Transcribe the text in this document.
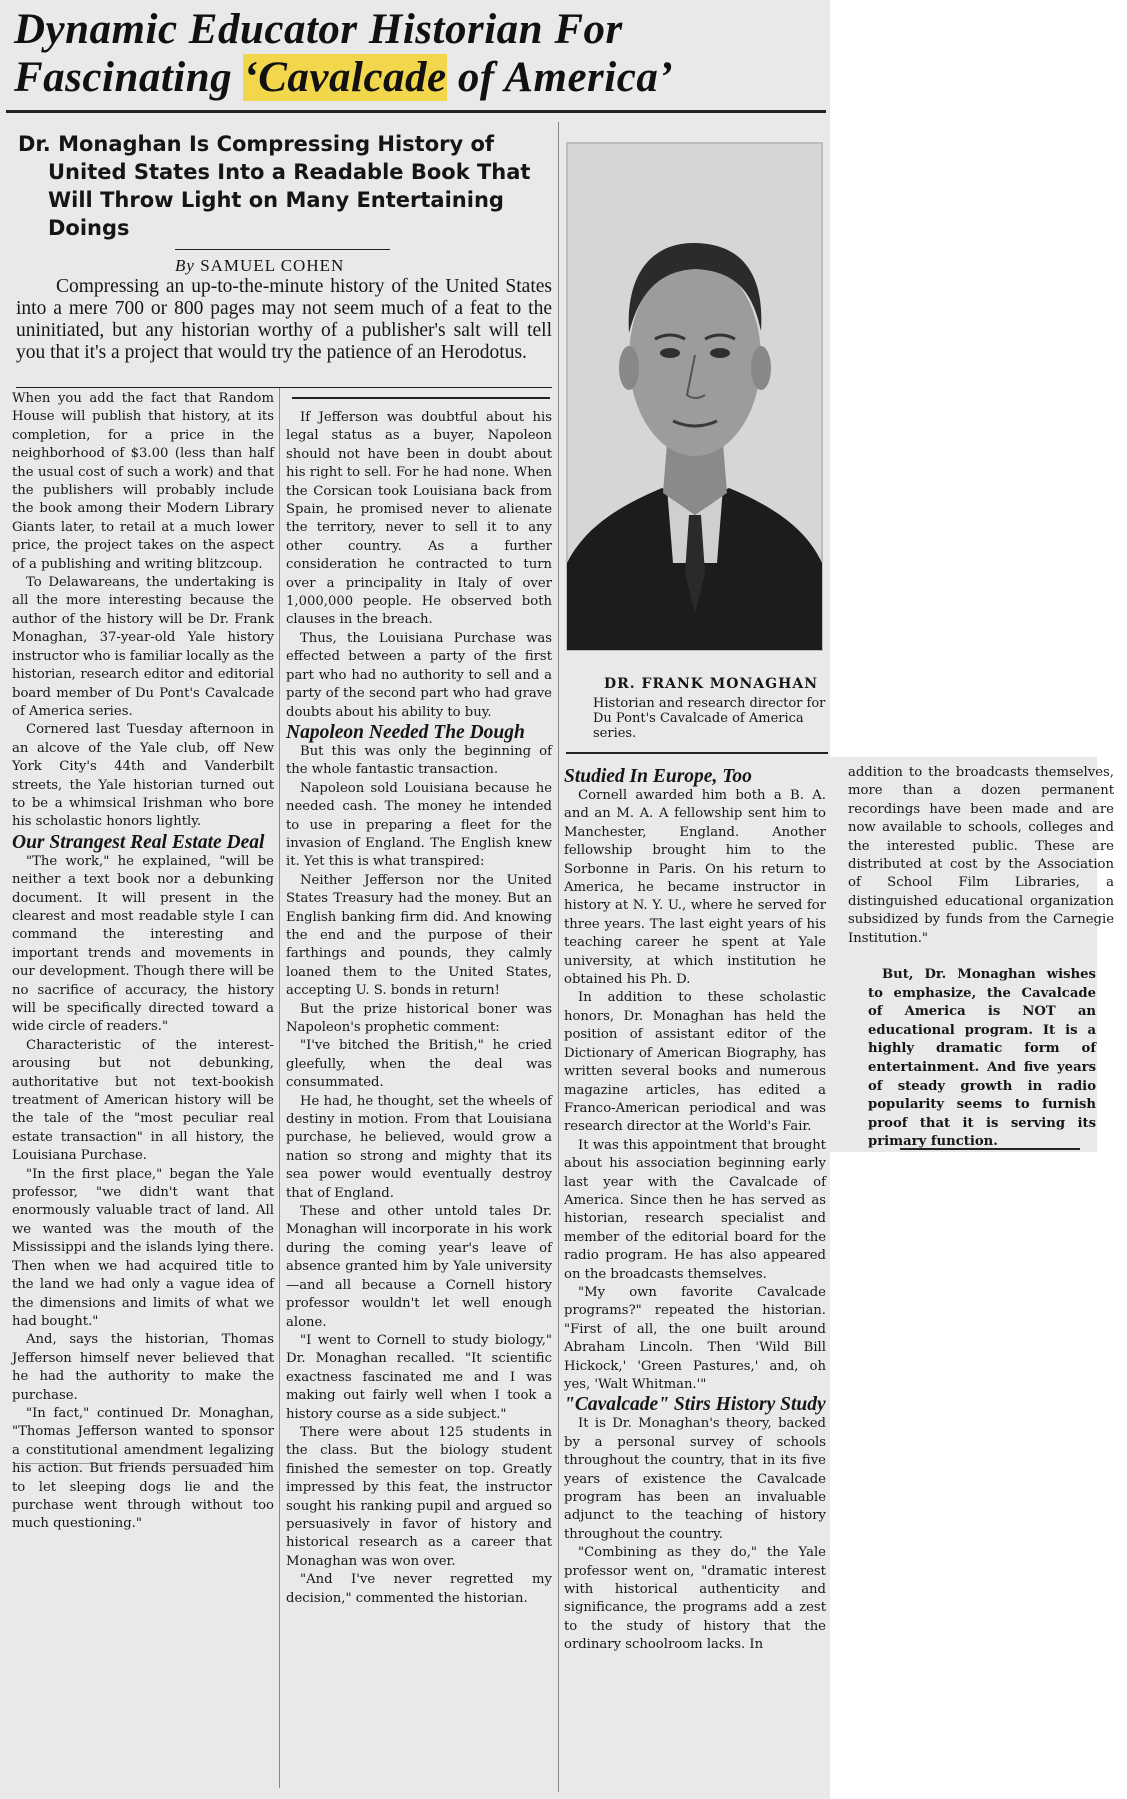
Dynamic Educator Historian For
Fascinating ‘Cavalcade of America’
Dr. Monaghan Is Compressing History of
United States Into a Readable Book That
Will Throw Light on Many Entertaining
Doings
By SAMUEL COHEN

Compressing an up-to-the-minute history of the United States into a mere 700 or 800 pages may not seem much of a feat to the uninitiated, but any historian worthy of a publisher's salt will tell you that it's a project that would try the patience of an Herodotus.

When you add the fact that Random House will publish that history, at its completion, for a price in the neighborhood of $3.00 (less than half the usual cost of such a work) and that the publishers will probably include the book among their Modern Library Giants later, to retail at a much lower price, the project takes on the aspect of a publishing and writing blitzcoup.

To Delawareans, the undertaking is all the more interesting because the author of the history will be Dr. Frank Monaghan, 37-year-old Yale history instructor who is familiar locally as the historian, research editor and editorial board member of Du Pont's Cavalcade of America series.

Cornered last Tuesday afternoon in an alcove of the Yale club, off New York City's 44th and Vanderbilt streets, the Yale historian turned out to be a whimsical Irishman who bore his scholastic honors lightly.

Our Strangest Real Estate Deal

"The work," he explained, "will be neither a text book nor a debunking document. It will present in the clearest and most readable style I can command the interesting and important trends and movements in our development. Though there will be no sacrifice of accuracy, the history will be specifically directed toward a wide circle of readers."

Characteristic of the interest-arousing but not debunking, authoritative but not text-bookish treatment of American history will be the tale of the "most peculiar real estate transaction" in all history, the Louisiana Purchase.

"In the first place," began the Yale professor, "we didn't want that enormously valuable tract of land. All we wanted was the mouth of the Mississippi and the islands lying there. Then when we had acquired title to the land we had only a vague idea of the dimensions and limits of what we had bought."

And, says the historian, Thomas Jefferson himself never believed that he had the authority to make the purchase.

"In fact," continued Dr. Monaghan, "Thomas Jefferson wanted to sponsor a constitutional amendment legalizing his action. But friends persuaded him to let sleeping dogs lie and the purchase went through without too much questioning."

If Jefferson was doubtful about his legal status as a buyer, Napoleon should not have been in doubt about his right to sell. For he had none. When the Corsican took Louisiana back from Spain, he promised never to alienate the territory, never to sell it to any other country. As a further consideration he contracted to turn over a principality in Italy of over 1,000,000 people. He observed both clauses in the breach.

Thus, the Louisiana Purchase was effected between a party of the first part who had no authority to sell and a party of the second part who had grave doubts about his ability to buy.

Napoleon Needed The Dough

But this was only the beginning of the whole fantastic transaction.

Napoleon sold Louisiana because he needed cash. The money he intended to use in preparing a fleet for the invasion of England. The English knew it. Yet this is what transpired:

Neither Jefferson nor the United States Treasury had the money. But an English banking firm did. And knowing the end and the purpose of their farthings and pounds, they calmly loaned them to the United States, accepting U. S. bonds in return!

But the prize historical boner was Napoleon's prophetic comment:

"I've bitched the British," he cried gleefully, when the deal was consummated.

He had, he thought, set the wheels of destiny in motion. From that Louisiana purchase, he believed, would grow a nation so strong and mighty that its sea power would eventually destroy that of England.

These and other untold tales Dr. Monaghan will incorporate in his work during the coming year's leave of absence granted him by Yale university—and all because a Cornell history professor wouldn't let well enough alone.

"I went to Cornell to study biology," Dr. Monaghan recalled. "It scientific exactness fascinated me and I was making out fairly well when I took a history course as a side subject."

There were about 125 students in the class. But the biology student finished the semester on top. Greatly impressed by this feat, the instructor sought his ranking pupil and argued so persuasively in favor of history and historical research as a career that Monaghan was won over.

"And I've never regretted my decision," commented the historian.

DR. FRANK MONAGHAN
Historian and research director for Du Pont's Cavalcade of America series.

Studied In Europe, Too

Cornell awarded him both a B. A. and an M. A. A fellowship sent him to Manchester, England. Another fellowship brought him to the Sorbonne in Paris. On his return to America, he became instructor in history at N. Y. U., where he served for three years. The last eight years of his teaching career he spent at Yale university, at which institution he obtained his Ph. D.

In addition to these scholastic honors, Dr. Monaghan has held the position of assistant editor of the Dictionary of American Biography, has written several books and numerous magazine articles, has edited a Franco-American periodical and was research director at the World's Fair.

It was this appointment that brought about his association beginning early last year with the Cavalcade of America. Since then he has served as historian, research specialist and member of the editorial board for the radio program. He has also appeared on the broadcasts themselves.

"My own favorite Cavalcade programs?" repeated the historian. "First of all, the one built around Abraham Lincoln. Then 'Wild Bill Hickock,' 'Green Pastures,' and, oh yes, 'Walt Whitman.'"

"Cavalcade" Stirs History Study

It is Dr. Monaghan's theory, backed by a personal survey of schools throughout the country, that in its five years of existence the Cavalcade program has been an invaluable adjunct to the teaching of history throughout the country.

"Combining as they do," the Yale professor went on, "dramatic interest with historical authenticity and significance, the programs add a zest to the study of history that the ordinary schoolroom lacks. In

addition to the broadcasts themselves, more than a dozen permanent recordings have been made and are now available to schools, colleges and the interested public. These are distributed at cost by the Association of School Film Libraries, a distinguished educational organization subsidized by funds from the Carnegie Institution."

But, Dr. Monaghan wishes to emphasize, the Cavalcade of America is NOT an educational program. It is a highly dramatic form of entertainment. And five years of steady growth in radio popularity seems to furnish proof that it is serving its primary function.
